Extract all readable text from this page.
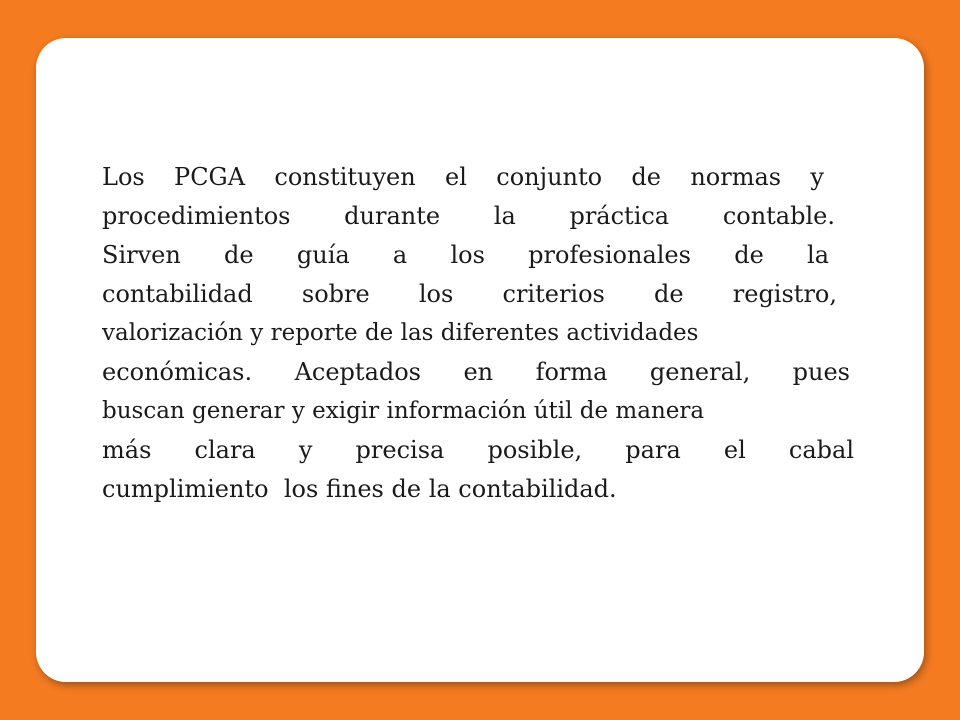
Los PCGA constituyen el conjunto de normas y
procedimientos durante la práctica contable.
Sirven de guía a los profesionales de la
contabilidad sobre los criterios de registro,
valorización y reporte de las diferentes actividades
económicas. Aceptados en forma general, pues
buscan generar y exigir información útil de manera
más clara y precisa posible, para el cabal
cumplimiento  los fines de la contabilidad.
